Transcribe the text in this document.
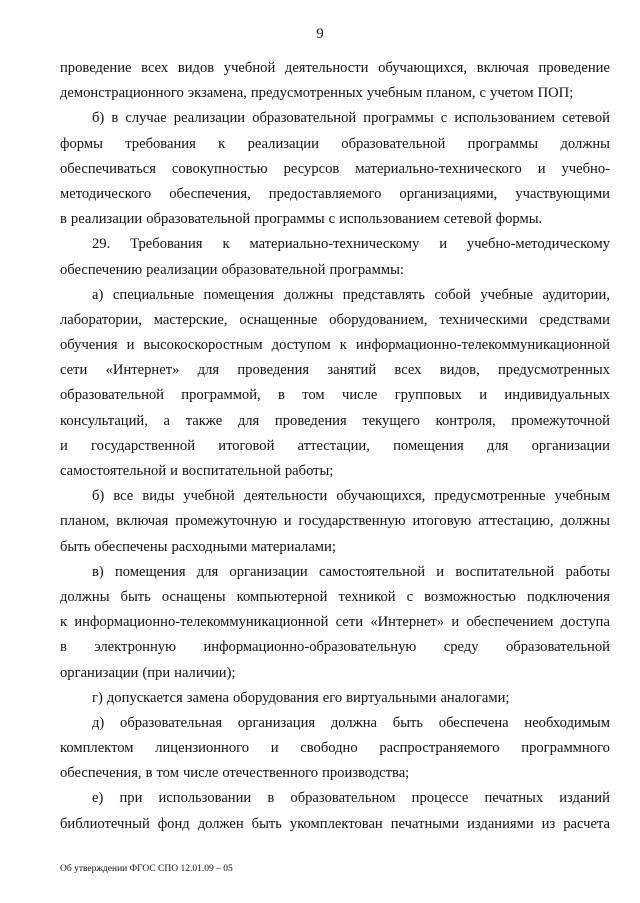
9
проведение всех видов учебной деятельности обучающихся, включая проведение
демонстрационного экзамена, предусмотренных учебным планом, с учетом ПОП;
б) в случае реализации образовательной программы с использованием сетевой
формы требования к реализации образовательной программы должны
обеспечиваться совокупностью ресурсов материально-технического и учебно-
методического обеспечения, предоставляемого организациями, участвующими
в реализации образовательной программы с использованием сетевой формы.
29. Требования к материально-техническому и учебно-методическому
обеспечению реализации образовательной программы:
а) специальные помещения должны представлять собой учебные аудитории,
лаборатории, мастерские, оснащенные оборудованием, техническими средствами
обучения и высокоскоростным доступом к информационно-телекоммуникационной
сети «Интернет» для проведения занятий всех видов, предусмотренных
образовательной программой, в том числе групповых и индивидуальных
консультаций, а также для проведения текущего контроля, промежуточной
и государственной итоговой аттестации, помещения для организации
самостоятельной и воспитательной работы;
б) все виды учебной деятельности обучающихся, предусмотренные учебным
планом, включая промежуточную и государственную итоговую аттестацию, должны
быть обеспечены расходными материалами;
в) помещения для организации самостоятельной и воспитательной работы
должны быть оснащены компьютерной техникой с возможностью подключения
к информационно-телекоммуникационной сети «Интернет» и обеспечением доступа
в электронную информационно-образовательную среду образовательной
организации (при наличии);
г) допускается замена оборудования его виртуальными аналогами;
д) образовательная организация должна быть обеспечена необходимым
комплектом лицензионного и свободно распространяемого программного
обеспечения, в том числе отечественного производства;
е) при использовании в образовательном процессе печатных изданий
библиотечный фонд должен быть укомплектован печатными изданиями из расчета
Об утверждении ФГОС СПО 12.01.09 – 05
